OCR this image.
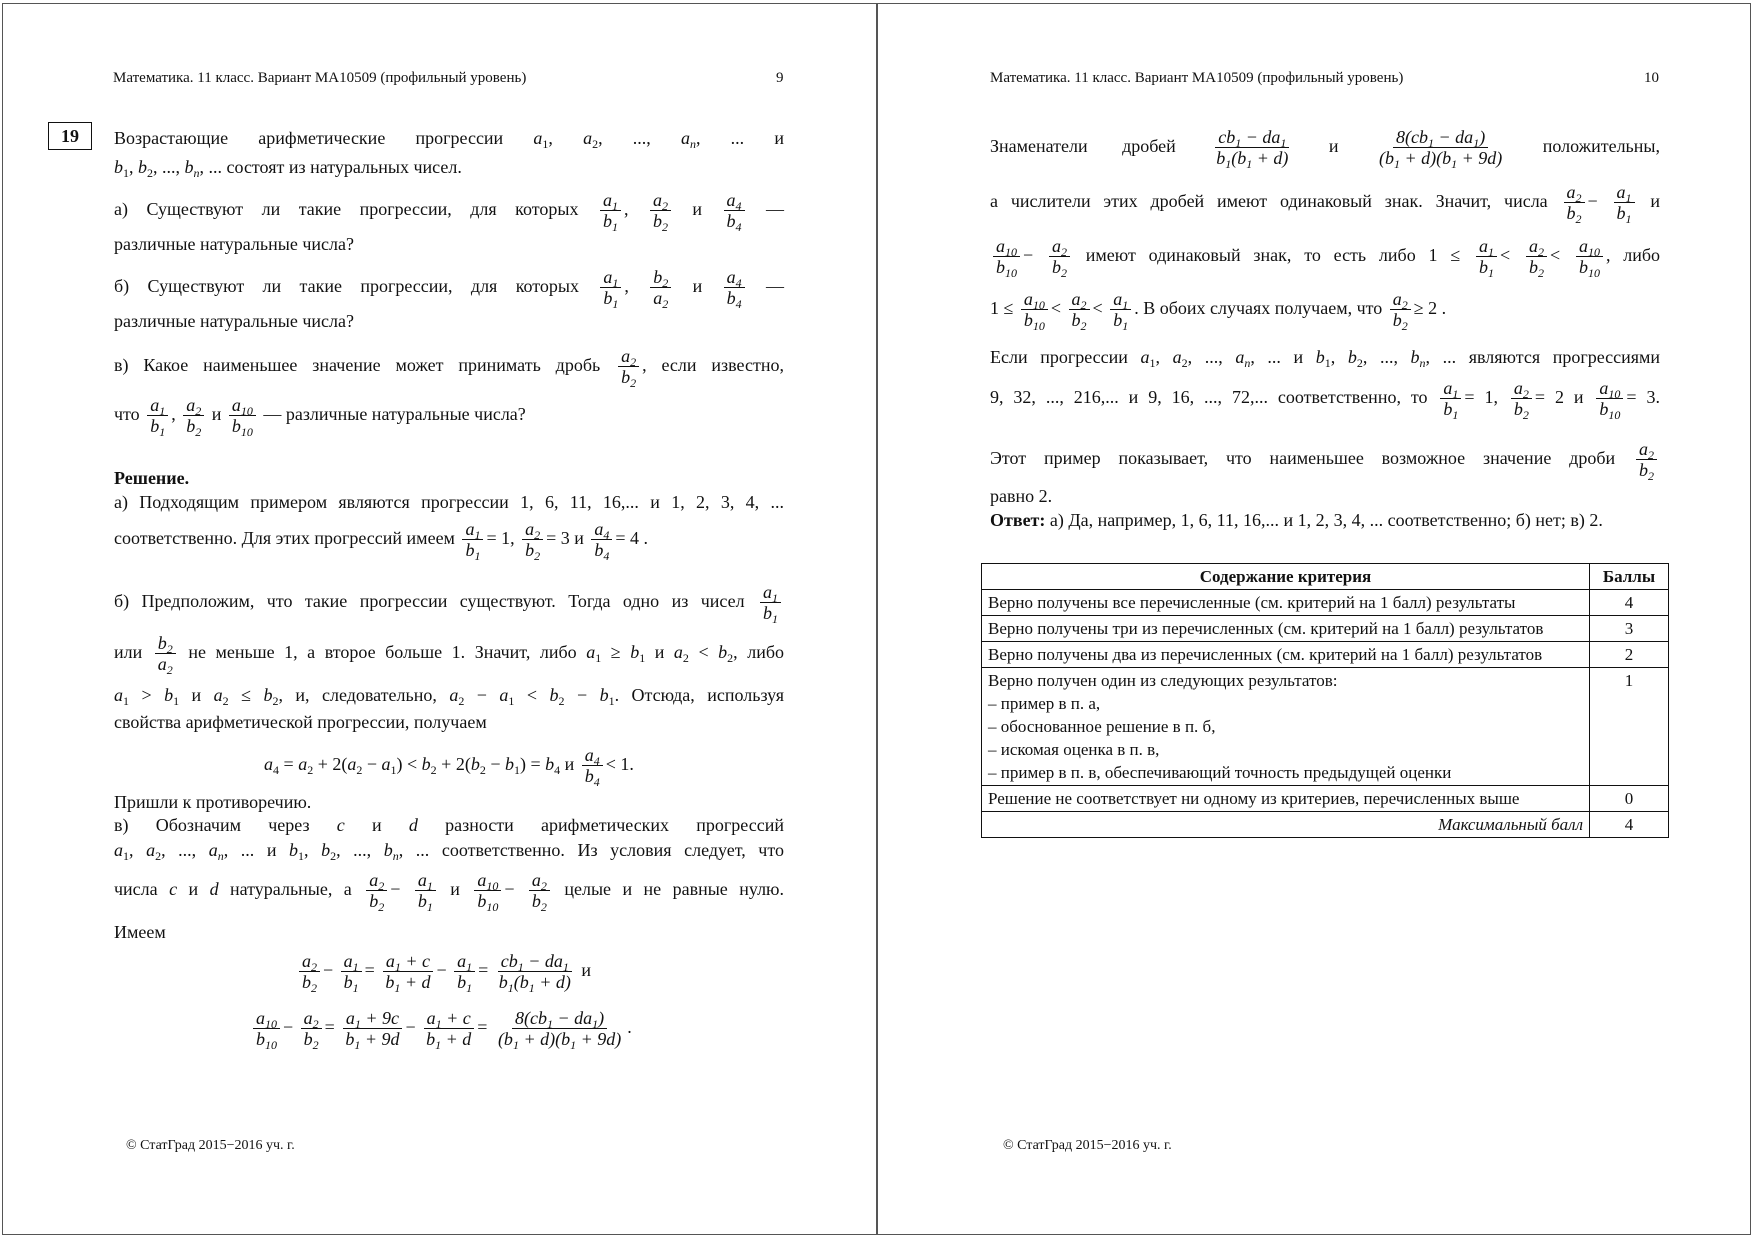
Математика. 11 класс. Вариант МА10509 (профильный уровень)	9
19	Возрастающие арифметические прогрессии $a_1$, $a_2$, ..., $a_n$, ... и
$b_1$, $b_2$, ..., $b_n$, ... состоят из натуральных чисел.
а) Существуют ли такие прогрессии, для которых $\frac{a_1}{b_1}$ , $\frac{a_2}{b_2}$ и $\frac{a_4}{b_4}$ —
различные натуральные числа?
б) Существуют ли такие прогрессии, для которых $\frac{a_1}{b_1}$ , $\frac{b_2}{a_2}$ и $\frac{a_4}{b_4}$ —
различные натуральные числа?
в) Какое наименьшее значение может принимать дробь $\frac{a_2}{b_2}$ , если известно,
что $\frac{a_1}{b_1}$ , $\frac{a_2}{b_2}$ и $\frac{a_{10}}{b_{10}}$ — различные натуральные числа?
Решение.
а) Подходящим примером являются прогрессии 1, 6, 11, 16,... и 1, 2, 3, 4, ...
соответственно. Для этих прогрессий имеем $\frac{a_1}{b_1} = 1$, $\frac{a_2}{b_2} = 3$ и $\frac{a_4}{b_4} = 4$ .
б) Предположим, что такие прогрессии существуют. Тогда одно из чисел $\frac{a_1}{b_1}$
или $\frac{b_2}{a_2}$ не меньше 1, а второе больше 1. Значит, либо $a_1 \ge b_1$ и $a_2 < b_2$, либо
$a_1 > b_1$ и $a_2 \le b_2$, и, следовательно, $a_2 - a_1 < b_2 - b_1$. Отсюда, используя
свойства арифметической прогрессии, получаем
$a_4 = a_2 + 2(a_2 - a_1) < b_2 + 2(b_2 - b_1) = b_4$ и $\frac{a_4}{b_4} < 1$.
Пришли к противоречию.
в) Обозначим через c и d разности арифметических прогрессий
$a_1$, $a_2$, ..., $a_n$, ... и $b_1$, $b_2$, ..., $b_n$, ... соответственно. Из условия следует, что
числа c и d натуральные, а $\frac{a_2}{b_2} - \frac{a_1}{b_1}$ и $\frac{a_{10}}{b_{10}} - \frac{a_2}{b_2}$ целые и не равные нулю.
Имеем
$\frac{a_2}{b_2} - \frac{a_1}{b_1} = \frac{a_1 + c}{b_1 + d} - \frac{a_1}{b_1} = \frac{cb_1 - da_1}{b_1(b_1 + d)}$ и
$\frac{a_{10}}{b_{10}} - \frac{a_2}{b_2} = \frac{a_1 + 9c}{b_1 + 9d} - \frac{a_1 + c}{b_1 + d} = \frac{8(cb_1 - da_1)}{(b_1 + d)(b_1 + 9d)}$ .
© СтатГрад 2015−2016 уч. г.
Математика. 11 класс. Вариант МА10509 (профильный уровень)	10
Знаменатели дробей $\frac{cb_1 - da_1}{b_1(b_1 + d)}$ и $\frac{8(cb_1 - da_1)}{(b_1 + d)(b_1 + 9d)}$ положительны,
а числители этих дробей имеют одинаковый знак. Значит, числа $\frac{a_2}{b_2} - \frac{a_1}{b_1}$ и
$\frac{a_{10}}{b_{10}} - \frac{a_2}{b_2}$ имеют одинаковый знак, то есть либо $1 \le \frac{a_1}{b_1} < \frac{a_2}{b_2} < \frac{a_{10}}{b_{10}}$ , либо
$1 \le \frac{a_{10}}{b_{10}} < \frac{a_2}{b_2} < \frac{a_1}{b_1}$ . В обоих случаях получаем, что $\frac{a_2}{b_2} \ge 2$ .
Если прогрессии $a_1$, $a_2$, ..., $a_n$, ... и $b_1$, $b_2$, ..., $b_n$, ... являются прогрессиями
9, 32, ..., 216,... и 9, 16, ..., 72,... соответственно, то $\frac{a_1}{b_1} = 1$, $\frac{a_2}{b_2} = 2$ и $\frac{a_{10}}{b_{10}} = 3$.
Этот пример показывает, что наименьшее возможное значение дроби $\frac{a_2}{b_2}$
равно 2.
Ответ: а) Да, например, 1, 6, 11, 16,... и 1, 2, 3, 4, ... соответственно; б) нет; в) 2.
Содержание критерия	Баллы
Верно получены все перечисленные (см. критерий на 1 балл) результаты	4
Верно получены три из перечисленных (см. критерий на 1 балл) результатов	3
Верно получены два из перечисленных (см. критерий на 1 балл) результатов	2

Верно получен один из следующих результатов:
– пример в п. а,
– обоснованное решение в п. б,
– искомая оценка в п. в,
– пример в п. в, обеспечивающий точность предыдущей оценки	1
Решение не соответствует ни одному из критериев, перечисленных выше	0
Максимальный балл	4
© СтатГрад 2015−2016 уч. г.
